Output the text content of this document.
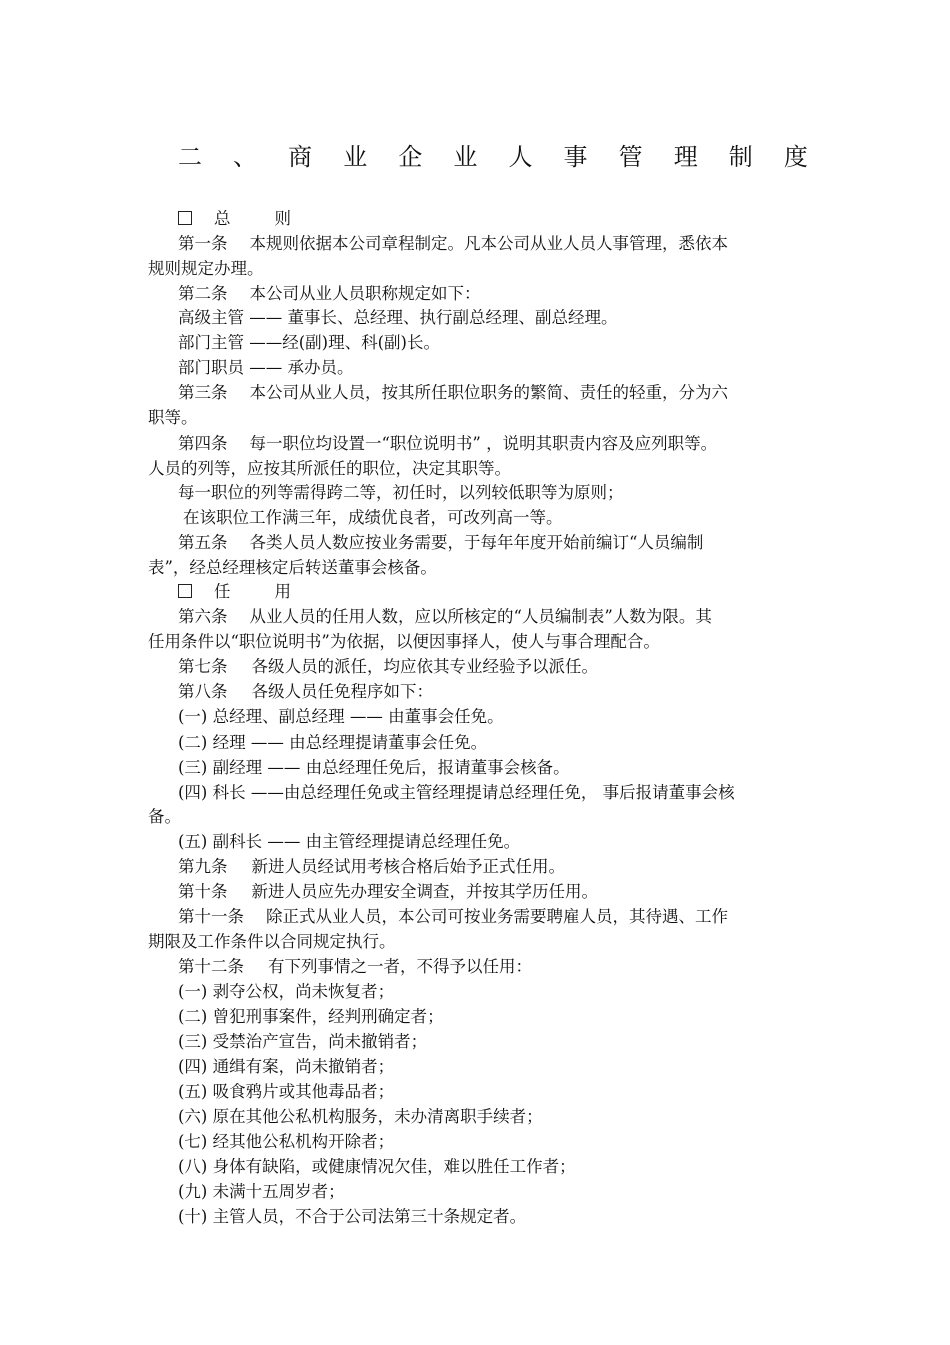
二 、 商 业 企 业 人 事 管 理 制 度
总	则
第一条 本规则依据本公司章程制定。凡本公司从业人员人事管理，悉依本
规则规定办理。
第二条 本公司从业人员职称规定如下：
高级主管 —— 董事长、总经理、执行副总经理、副总经理。
部门主管 ——经(副)理、科(副)长。
部门职员 —— 承办员。
第三条 本公司从业人员，按其所任职位职务的繁简、责任的轻重，分为六
职等。
第四条 每一职位均设置一“职位说明书” ，说明其职责内容及应列职等。
人员的列等，应按其所派任的职位，决定其职等。
每一职位的列等需得跨二等，初任时，以列较低职等为原则；
在该职位工作满三年，成绩优良者，可改列高一等。
第五条 各类人员人数应按业务需要，于每年年度开始前编订“人员编制
表”，经总经理核定后转送董事会核备。
任	用
第六条 从业人员的任用人数，应以所核定的“人员编制表”人数为限。其
任用条件以“职位说明书”为依据，以便因事择人，使人与事合理配合。
第七条 各级人员的派任，均应依其专业经验予以派任。
第八条 各级人员任免程序如下：
(一) 总经理、副总经理 —— 由董事会任免。
(二) 经理 —— 由总经理提请董事会任免。
(三) 副经理 —— 由总经理任免后，报请董事会核备。
(四) 科长 ——由总经理任免或主管经理提请总经理任免， 事后报请董事会核
备。
(五) 副科长 —— 由主管经理提请总经理任免。
第九条 新进人员经试用考核合格后始予正式任用。
第十条 新进人员应先办理安全调查，并按其学历任用。
第十一条 除正式从业人员，本公司可按业务需要聘雇人员，其待遇、工作
期限及工作条件以合同规定执行。
第十二条 有下列事情之一者，不得予以任用：
(一) 剥夺公权，尚未恢复者；
(二) 曾犯刑事案件，经判刑确定者；
(三) 受禁治产宣告，尚未撤销者；
(四) 通缉有案，尚未撤销者；
(五) 吸食鸦片或其他毒品者；
(六) 原在其他公私机构服务，未办清离职手续者；
(七) 经其他公私机构开除者；
(八) 身体有缺陷，或健康情况欠佳，难以胜任工作者；
(九) 未满十五周岁者；
(十) 主管人员，不合于公司法第三十条规定者。
